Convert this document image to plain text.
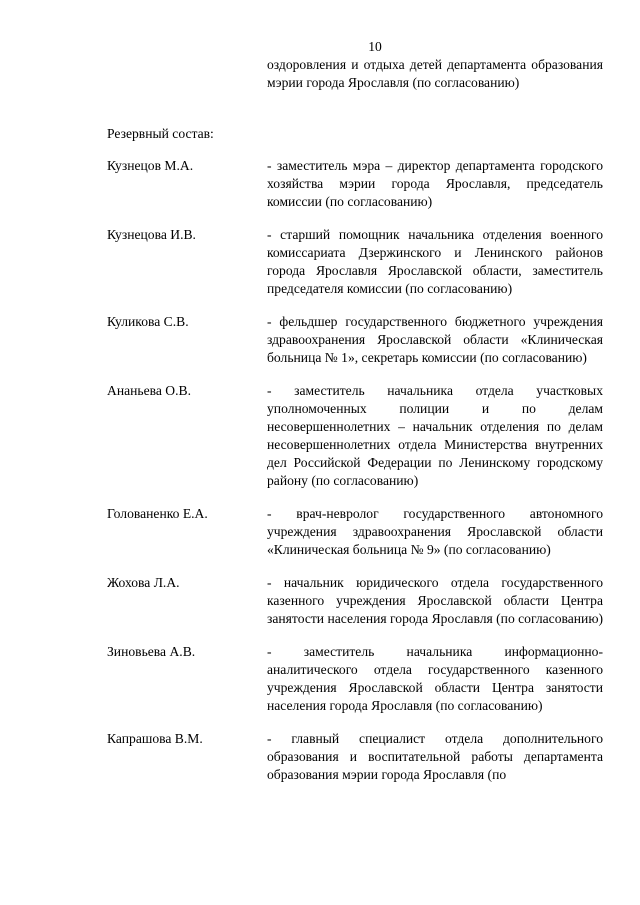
10
оздоровления и отдыха детей департамента образования мэрии города Ярославля (по согласованию)
Резервный состав:
Кузнецов М.А.	- заместитель мэра – директор департамента городского хозяйства мэрии города Ярославля, председатель комиссии (по согласованию)
Кузнецова И.В.	- старший помощник начальника отделения военного комиссариата Дзержинского и Ленинского районов города Ярославля Ярославской области, заместитель председателя комиссии (по согласованию)
Куликова С.В.	- фельдшер государственного бюджетного учреждения здравоохранения Ярославской области «Клиническая больница № 1», секретарь комиссии (по согласованию)
Ананьева О.В.	- заместитель начальника отдела участковых уполномоченных полиции и по делам несовершеннолетних – начальник отделения по делам несовершеннолетних отдела Министерства внутренних дел Российской Федерации по Ленинскому городскому району (по согласованию)
Голованенко Е.А.	- врач-невролог государственного автономного учреждения здравоохранения Ярославской области «Клиническая больница № 9» (по согласованию)
Жохова Л.А.	- начальник юридического отдела государственного казенного учреждения Ярославской области Центра занятости населения города Ярославля (по согласованию)
Зиновьева А.В.	- заместитель начальника информационно-аналитического отдела государственного казенного учреждения Ярославской области Центра занятости населения города Ярославля (по согласованию)
Капрашова В.М.	- главный специалист отдела дополнительного образования и воспитательной работы департамента образования мэрии города Ярославля (по
